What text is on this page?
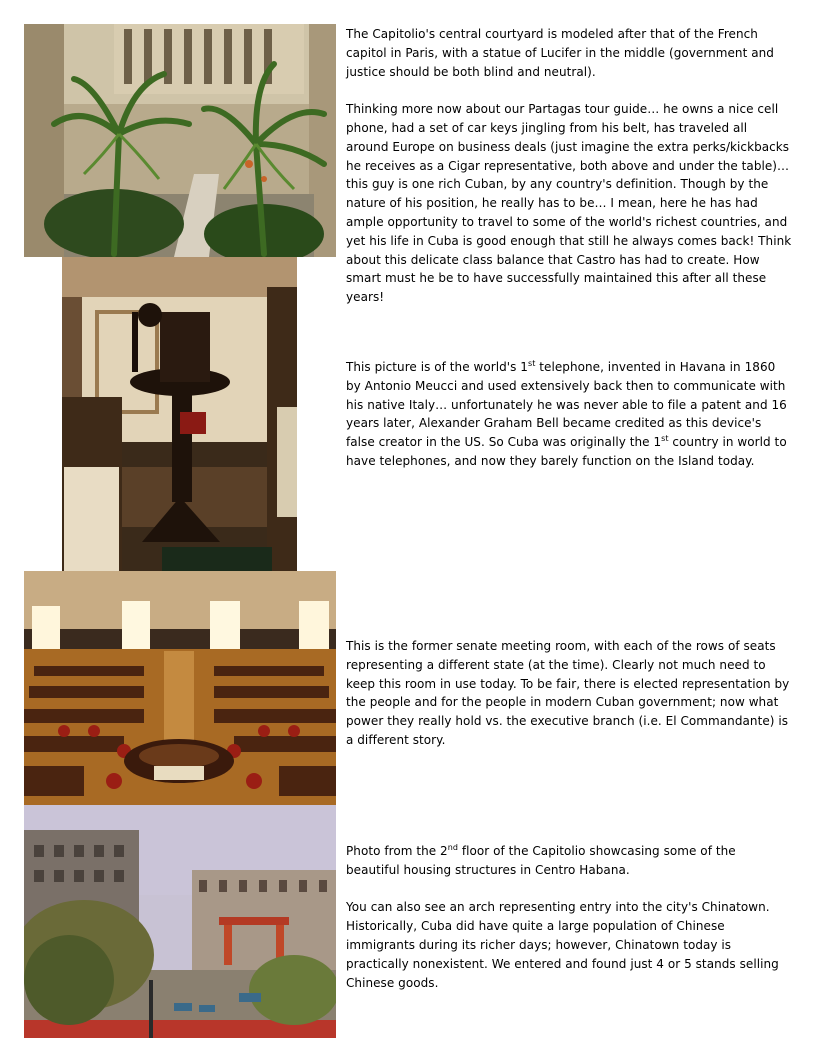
The Capitolio's central courtyard is modeled after that of the French capitol in Paris, with a statue of Lucifer in the middle (government and justice should be both blind and neutral).

Thinking more now about our Partagas tour guide… he owns a nice cell phone, had a set of car keys jingling from his belt, has traveled all around Europe on business deals (just imagine the extra perks/kickbacks he receives as a Cigar representative, both above and under the table)… this guy is one rich Cuban, by any country's definition. Though by the nature of his position, he really has to be… I mean, here he has had ample opportunity to travel to some of the world's richest countries, and yet his life in Cuba is good enough that still he always comes back! Think about this delicate class balance that Castro has had to create. How smart must he be to have successfully maintained this after all these years!

This picture is of the world's 1st telephone, invented in Havana in 1860 by Antonio Meucci and used extensively back then to communicate with his native Italy… unfortunately he was never able to file a patent and 16 years later, Alexander Graham Bell became credited as this device's false creator in the US. So Cuba was originally the 1st country in world to have telephones, and now they barely function on the Island today.

This is the former senate meeting room, with each of the rows of seats representing a different state (at the time). Clearly not much need to keep this room in use today. To be fair, there is elected representation by the people and for the people in modern Cuban government; now what power they really hold vs. the executive branch (i.e. El Commandante) is a different story.

Photo from the 2nd floor of the Capitolio showcasing some of the beautiful housing structures in Centro Habana.

You can also see an arch representing entry into the city's Chinatown. Historically, Cuba did have quite a large population of Chinese immigrants during its richer days; however, Chinatown today is practically nonexistent. We entered and found just 4 or 5 stands selling Chinese goods.
